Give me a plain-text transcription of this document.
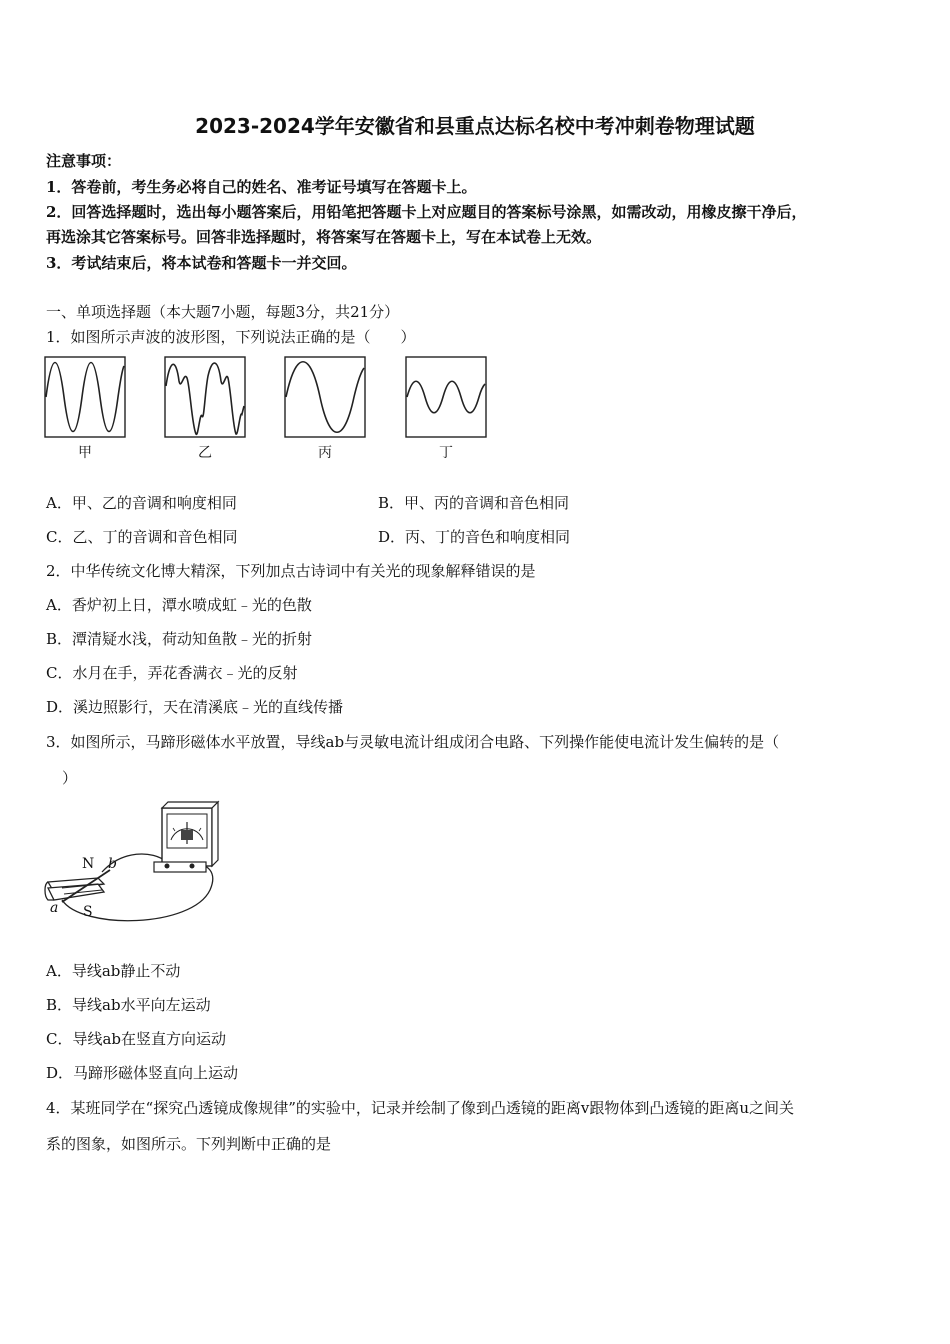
2023-2024学年安徽省和县重点达标名校中考冲刺卷物理试题
注意事项：
1．答卷前，考生务必将自己的姓名、准考证号填写在答题卡上。
2．回答选择题时，选出每小题答案后，用铅笔把答题卡上对应题目的答案标号涂黑，如需改动，用橡皮擦干净后，
再选涂其它答案标号。回答非选择题时，将答案写在答题卡上，写在本试卷上无效。
3．考试结束后，将本试卷和答题卡一并交回。
一、单项选择题（本大题7小题，每题3分，共21分）
1．如图所示声波的波形图，下列说法正确的是（　　）
甲	乙	丙	丁
A．甲、乙的音调和响度相同	B．甲、丙的音调和音色相同
C．乙、丁的音调和音色相同	D．丙、丁的音色和响度相同
2．中华传统文化博大精深，下列加点古诗词中有关光的现象解释错误的是
A．香炉初上日，潭水喷成虹﹣光的色散
B．潭清疑水浅，荷动知鱼散﹣光的折射
C．水月在手，弄花香满衣﹣光的反射
D．溪边照影行，天在清溪底﹣光的直线传播
3．如图所示，马蹄形磁体水平放置，导线ab与灵敏电流计组成闭合电路、下列操作能使电流计发生偏转的是（
）
N
S
a
b
A．导线ab静止不动
B．导线ab水平向左运动
C．导线ab在竖直方向运动
D．马蹄形磁体竖直向上运动
4．某班同学在“探究凸透镜成像规律”的实验中，记录并绘制了像到凸透镜的距离v跟物体到凸透镜的距离u之间关
系的图象，如图所示。下列判断中正确的是
